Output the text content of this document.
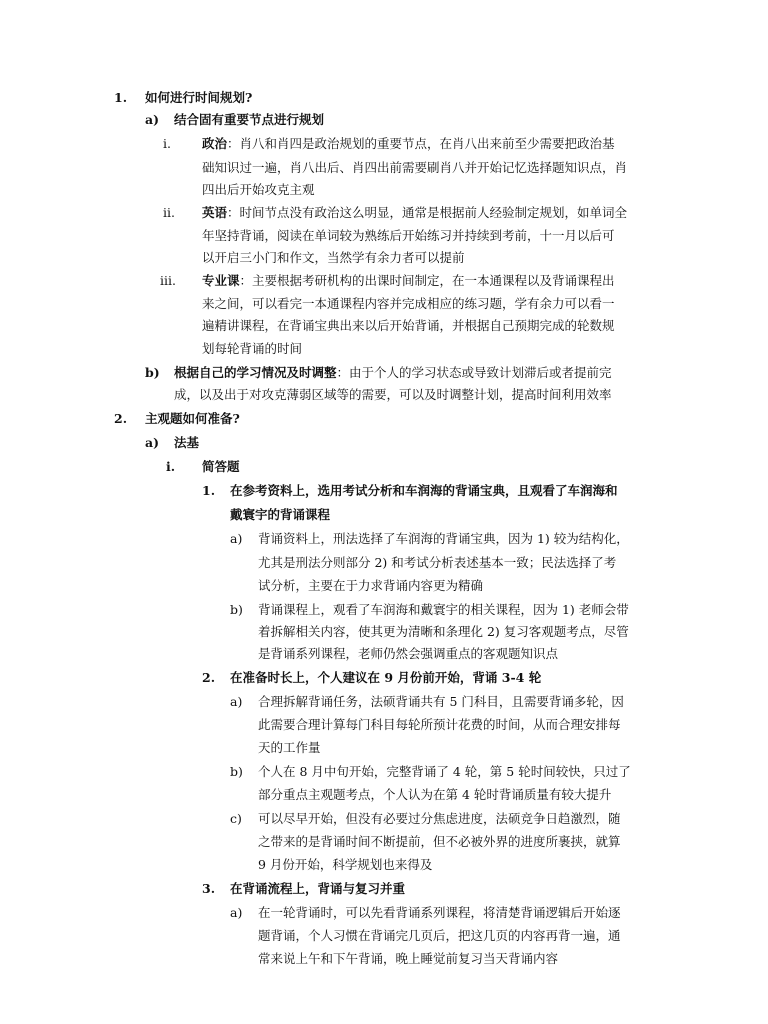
1. 如何进行时间规划?
a) 结合固有重要节点进行规划
i. 政治：肖八和肖四是政治规划的重要节点，在肖八出来前至少需要把政治基
础知识过一遍，肖八出后、肖四出前需要刷肖八并开始记忆选择题知识点，肖
四出后开始攻克主观
ii. 英语：时间节点没有政治这么明显，通常是根据前人经验制定规划，如单词全
年坚持背诵，阅读在单词较为熟练后开始练习并持续到考前，十一月以后可
以开启三小门和作文，当然学有余力者可以提前
iii. 专业课：主要根据考研机构的出课时间制定，在一本通课程以及背诵课程出
来之间，可以看完一本通课程内容并完成相应的练习题，学有余力可以看一
遍精讲课程，在背诵宝典出来以后开始背诵，并根据自己预期完成的轮数规
划每轮背诵的时间
b) 根据自己的学习情况及时调整：由于个人的学习状态或导致计划滞后或者提前完
成，以及出于对攻克薄弱区域等的需要，可以及时调整计划，提高时间利用效率
2. 主观题如何准备?
a) 法基
i. 简答题
1. 在参考资料上，选用考试分析和车润海的背诵宝典，且观看了车润海和
戴寰宇的背诵课程
a) 背诵资料上，刑法选择了车润海的背诵宝典，因为 1) 较为结构化，
尤其是刑法分则部分 2) 和考试分析表述基本一致；民法选择了考
试分析，主要在于力求背诵内容更为精确
b) 背诵课程上，观看了车润海和戴寰宇的相关课程，因为 1) 老师会带
着拆解相关内容，使其更为清晰和条理化 2) 复习客观题考点，尽管
是背诵系列课程，老师仍然会强调重点的客观题知识点
2. 在准备时长上，个人建议在 9 月份前开始，背诵 3-4 轮
a) 合理拆解背诵任务，法硕背诵共有 5 门科目，且需要背诵多轮，因
此需要合理计算每门科目每轮所预计花费的时间，从而合理安排每
天的工作量
b) 个人在 8 月中旬开始，完整背诵了 4 轮，第 5 轮时间较快，只过了
部分重点主观题考点，个人认为在第 4 轮时背诵质量有较大提升
c) 可以尽早开始，但没有必要过分焦虑进度，法硕竞争日趋激烈，随
之带来的是背诵时间不断提前，但不必被外界的进度所裹挟，就算
9 月份开始，科学规划也来得及
3. 在背诵流程上，背诵与复习并重
a) 在一轮背诵时，可以先看背诵系列课程，将清楚背诵逻辑后开始逐
题背诵，个人习惯在背诵完几页后，把这几页的内容再背一遍，通
常来说上午和下午背诵，晚上睡觉前复习当天背诵内容
